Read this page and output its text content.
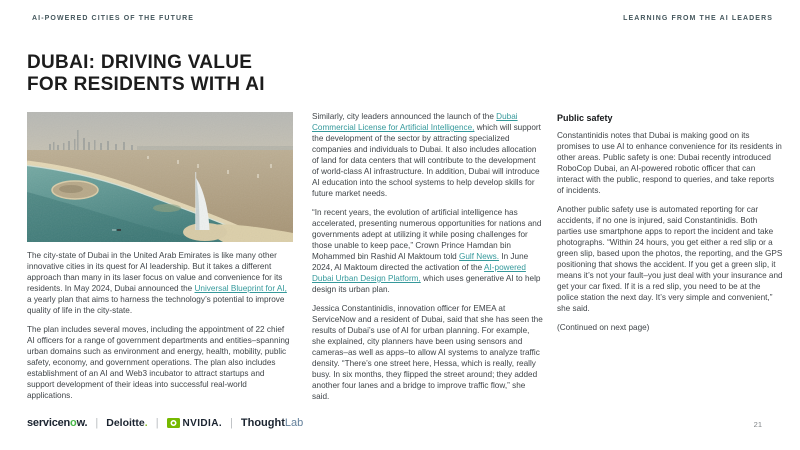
AI-POWERED CITIES OF THE FUTURE	LEARNING FROM THE AI LEADERS
DUBAI: DRIVING VALUE
FOR RESIDENTS WITH AI

The city-state of Dubai in the United Arab Emirates is like many other innovative cities in its quest for AI leadership. But it takes a different approach than many in its laser focus on value and convenience for its residents. In May 2024, Dubai announced the Universal Blueprint for AI, a yearly plan that aims to harness the technology’s potential to improve quality of life in the city-state.

The plan includes several moves, including the appointment of 22 chief AI officers for a range of government departments and entities–spanning urban domains such as environment and energy, health, mobility, public safety, economy, and government operations. The plan also includes establishment of an AI and Web3 incubator to attract startups and support development of their ideas into successful real-world applications.

Similarly, city leaders announced the launch of the Dubai Commercial License for Artificial Intelligence, which will support the development of the sector by attracting specialized companies and individuals to Dubai. It also includes allocation of land for data centers that will contribute to the development of world-class AI infrastructure. In addition, Dubai will introduce AI education into the school systems to help develop skills for future market needs.

“In recent years, the evolution of artificial intelligence has accelerated, presenting numerous opportunities for nations and governments adept at utilizing it while posing challenges for those unable to keep pace,” Crown Prince Hamdan bin Mohammed bin Rashid Al Maktoum told Gulf News. In June 2024, Al Maktoum directed the activation of the AI-powered Dubai Urban Design Platform, which uses generative AI to help design its urban plan.

Jessica Constantinidis, innovation officer for EMEA at ServiceNow and a resident of Dubai, said that she has seen the results of Dubai’s use of AI for urban planning. For example, she explained, city planners have been using sensors and cameras–as well as apps–to allow AI systems to analyze traffic density. “There’s one street here, Hessa, which is really, really busy. In six months, they flipped the street around; they added another four lanes and a bridge to improve traffic flow,” she said.

Public safety

Constantinidis notes that Dubai is making good on its promises to use AI to enhance convenience for its residents in other areas. Public safety is one: Dubai recently introduced RoboCop Dubai, an AI-powered robotic officer that can interact with the public, respond to queries, and take reports of incidents.

Another public safety use is automated reporting for car accidents, if no one is injured, said Constantinidis. Both parties use smartphone apps to report the incident and take photographs. “Within 24 hours, you get either a red slip or a green slip, based upon the photos, the reporting, and the GPS positioning that shows the accident. If you get a green slip, it means it’s not your fault–you just deal with your insurance and get your car fixed. If it is a red slip, you need to be at the police station the next day. It’s very simple and convenient,” she said.

(Continued on next page)

servicen o w. | Deloitte . | NVIDIA. | Thought Lab	21
